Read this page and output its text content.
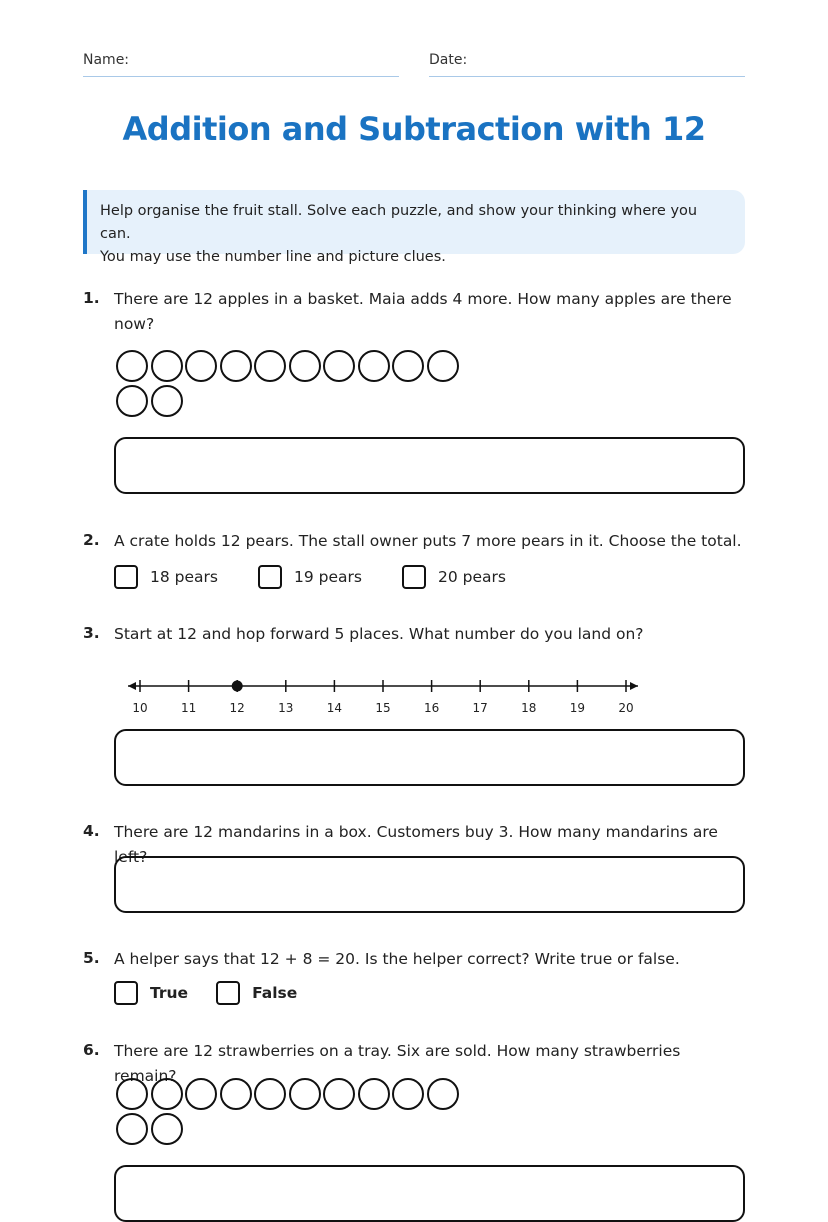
Name:	Date:
Addition and Subtraction with 12
Help organise the fruit stall. Solve each puzzle, and show your thinking where you can.
You may use the number line and picture clues.
1. There are 12 apples in a basket. Maia adds 4 more. How many apples are there now?

2. A crate holds 12 pears. The stall owner puts 7 more pears in it. Choose the total.
18 pears	19 pears	20 pears
3. Start at 12 and hop forward 5 places. What number do you land on?
10	11	12	13	14	15	16	17	18	19	20
4. There are 12 mandarins in a box. Customers buy 3. How many mandarins are left?
5. A helper says that 12 + 8 = 20. Is the helper correct? Write true or false.
True	False
6. There are 12 strawberries on a tray. Six are sold. How many strawberries remain?
